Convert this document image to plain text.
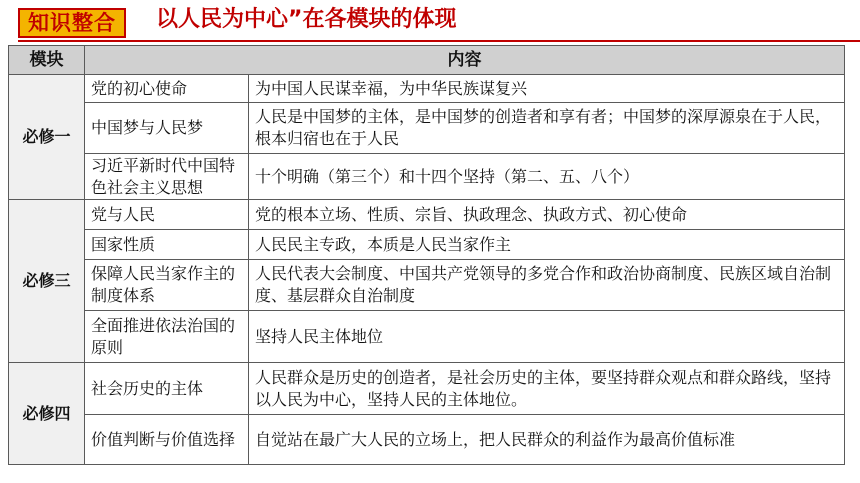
知识整合	以人民为中心”在各模块的体现
模块	内容	
必修一	党的初心使命	为中国人民谋幸福，为中华民族谋复兴
	中国梦与人民梦	人民是中国梦的主体，是中国梦的创造者和享有者；中国梦的深厚源泉在于人民，根本归宿也在于人民
	习近平新时代中国特色社会主义思想	十个明确（第三个）和十四个坚持（第二、五、八个）
必修三	党与人民	党的根本立场、性质、宗旨、执政理念、执政方式、初心使命
	国家性质	人民民主专政，本质是人民当家作主
	保障人民当家作主的制度体系	人民代表大会制度、中国共产党领导的多党合作和政治协商制度、民族区域自治制度、基层群众自治制度
	全面推进依法治国的原则	坚持人民主体地位
必修四	社会历史的主体	人民群众是历史的创造者，是社会历史的主体，要坚持群众观点和群众路线，坚持以人民为中心，坚持人民的主体地位。
	价值判断与价值选择	自觉站在最广大人民的立场上，把人民群众的利益作为最高价值标准
